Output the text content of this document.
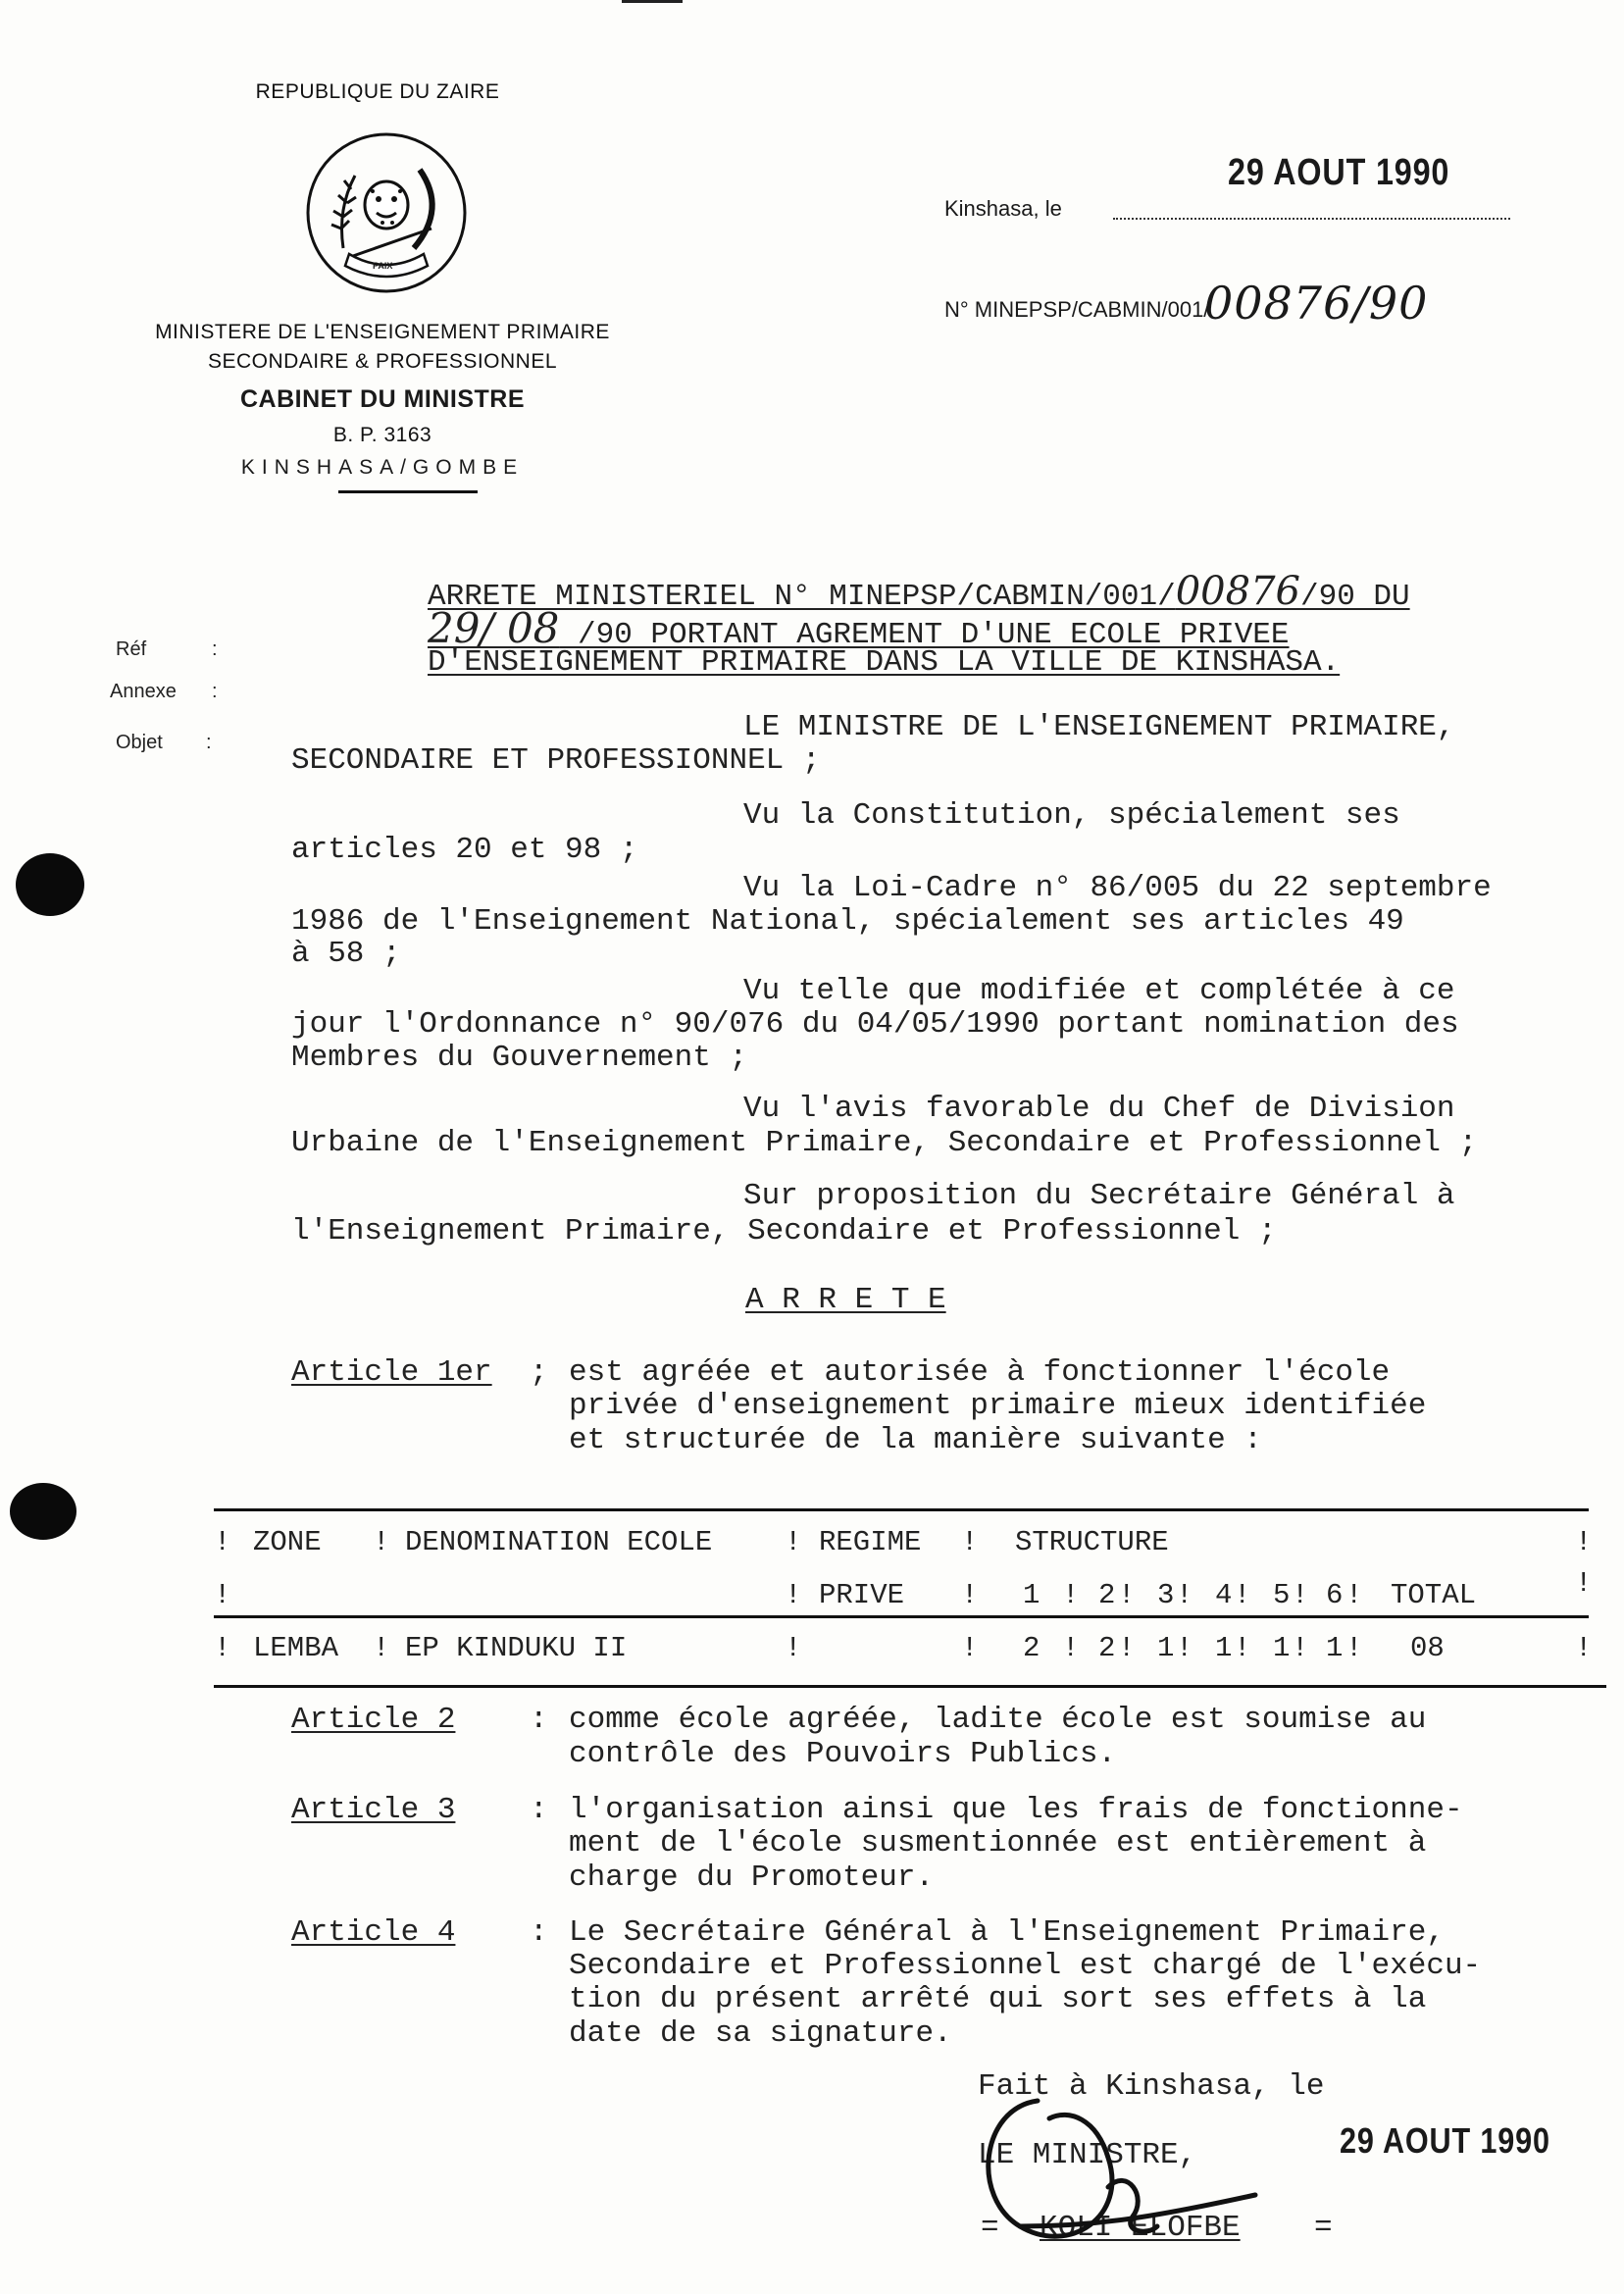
REPUBLIQUE DU ZAIRE
PAIX
MINISTERE DE L'ENSEIGNEMENT PRIMAIRE
SECONDAIRE & PROFESSIONNEL
CABINET DU MINISTRE
B. P. 3163
KINSHASA/GOMBE
Kinshasa, le
29 AOUT 1990
N° MINEPSP/CABMIN/001/
00876/90
Réf	:
Annexe :
Objet :
ARRETE MINISTERIEL N° MINEPSP/CABMIN/001/00876/90 DU
29/ 08 /90 PORTANT AGREMENT D'UNE ECOLE PRIVEE
D'ENSEIGNEMENT PRIMAIRE DANS LA VILLE DE KINSHASA.
LE MINISTRE DE L'ENSEIGNEMENT PRIMAIRE,
SECONDAIRE ET PROFESSIONNEL ;
Vu la Constitution, spécialement ses
articles 20 et 98 ;
Vu la Loi-Cadre n° 86/005 du 22 septembre
1986 de l'Enseignement National, spécialement ses articles 49
à 58 ;
Vu telle que modifiée et complétée à ce
jour l'Ordonnance n° 90/076 du 04/05/1990 portant nomination des
Membres du Gouvernement ;
Vu l'avis favorable du Chef de Division
Urbaine de l'Enseignement Primaire, Secondaire et Professionnel ;
Sur proposition du Secrétaire Général à
l'Enseignement Primaire, Secondaire et Professionnel ;
A R R E T E
Article 1er ; est agréée et autorisée à fonctionner l'école
privée d'enseignement primaire mieux identifiée
et structurée de la manière suivante :
! ZONE ! DENOMINATION ECOLE	! REGIME ! STRUCTURE	!
!	! PRIVE ! 1 ! 2 ! 3 ! 4 ! 5 ! 6 ! TOTAL	!
! LEMBA ! EP KINDUKU II	!	! 2 ! 2 ! 1 ! 1 ! 1 ! 1 ! 08	!
Article 2 : comme école agréée, ladite école est soumise au
contrôle des Pouvoirs Publics.
Article 3 : l'organisation ainsi que les frais de fonctionne-
ment de l'école susmentionnée est entièrement à
charge du Promoteur.
Article 4 : Le Secrétaire Général à l'Enseignement Primaire,
Secondaire et Professionnel est chargé de l'exécu-
tion du présent arrêté qui sort ses effets à la
date de sa signature.
Fait à Kinshasa, le
29 AOUT 1990
LE MINISTRE,
= KOLI ELOFBE =
